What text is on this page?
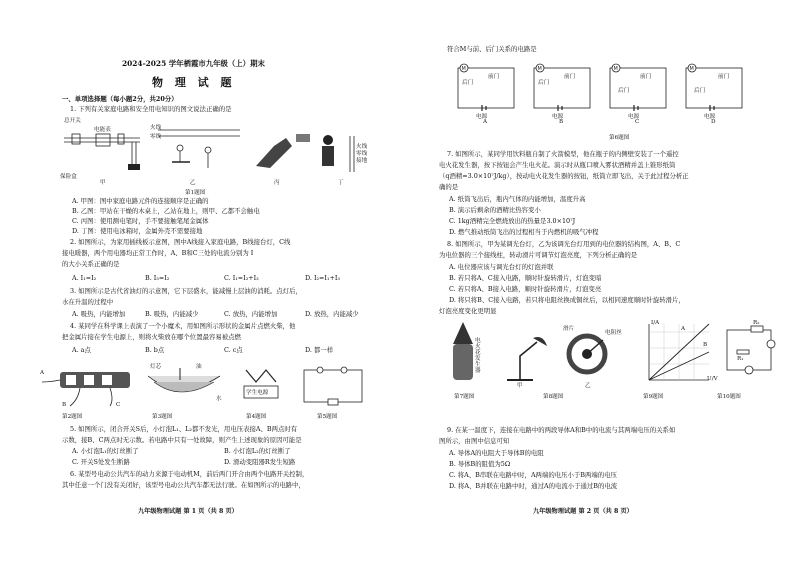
2024-2025 学年栖霞市九年级（上）期末
物 理 试 题
一、单项选择题（每小题2分，共20分）
1. 下列有关家庭电路和安全用电知识的图文说法正确的是
总开关
电能表
保险盒
火线
零线
甲	乙	丙	丁
火线
零线
接地
第1题图
A. 甲图：图中家庭电路元件的连接顺序是正确的
B. 乙图：甲站在干燥的木桌上，乙站在地上，则甲、乙都不会触电
C. 丙图：使用测电笔时，手不要接触笔尾金属体
D. 丁图：使用电冰箱时，金属外壳不需要接地
2. 如图所示，为家用插线板示意图，图中A线接入家庭电路，B线接台灯，C线
接电暖器，两个用电器均正常工作时，A、B和C三处的电流分别为 I
的大小关系正确的是
A. I₁=I₂	B. I₃=I₂	C. I₁=I₂+I₃	D. I₂=I₁+I₃
3. 如图所示是古代省油灯的示意图，它下层盛水，能减慢上层油的消耗。点灯后，
水在升温的过程中
A. 吸热，内能增加	B. 吸热，内能减少	C. 放热，内能增加	D. 放热，内能减少
4. 某同学在科学课上表演了一个小魔术，用如图所示形状的金属片点燃火柴，他
把金属片接在学生电源上，则将火柴放在哪个位置最容易被点燃
A. a点	B. b点	C. c点	D. 都一样
A
B	C
灯芯	油
水
学生电源
第2题图	第3题图	第4题图	第5题图
5. 如图所示，闭合开关S后，小灯泡L₁、L₂都不发光，用电压表接A、B两点时有
示数，接B、C两点时无示数。若电路中只有一处故障，则产生上述现象的原因可能是
A. 小灯泡L₁的灯丝断了	B. 小灯泡L₂的灯丝断了
C. 开关S处发生断路	D. 滑动变阻器R发生短路
6. 某型号电动公共汽车的动力来源于电动机M，前后两门开合由两个电路开关控制，
其中任意一个门没有关闭好，该型号电动公共汽车都无法行驶。在如图所示的电路中，
九年级物理试题 第 1 页（共 8 页）
符合M与前、后门关系的电路是
M	M	M	M
后门
前门
后门
前门
后门
前门
后门
前门
电源	电源	电源	电源
A	B	C	D
第6题图
7. 如图所示，某同学用饮料瓶自制了火箭模型，他在瓶子的内侧壁安装了一个遥控
电火花发生器，按下按钮会产生电火花。演示时从瓶口喷入雾状酒精并盖上锥形纸筒
（q酒精=3.0×10⁷J/kg），按动电火花发生器的按钮，纸筒立即飞出，关于此过程分析正
确的是
A. 纸筒飞出后，瓶内气体的内能增加，温度升高
B. 演示后剩余的酒精比热容变小
C. 1kg酒精完全燃烧放出的热量是3.0×10⁷J
D. 燃气推动纸筒飞出的过程相当于内燃机的吸气冲程
8. 如图所示，甲为某调光台灯，乙为该调光台灯用到的电位器的结构图，A、B、C
为电位器的三个接线柱，转动滑片可调节灯泡亮度，下列分析正确的是
A. 电位器应该与调光台灯的灯泡并联
B. 若只将A、C接入电路，顺时针旋转滑片，灯泡变暗
C. 若只将A、B接入电路，顺时针旋转滑片，灯泡变亮
D. 将只将B、C接入电路，若只将电阻丝换成铜丝后，以相同速度顺时针旋转滑片，
灯泡亮度变化更明显
电火花发生器
甲
滑片
电阻丝
乙
I/A
U/V
A
B
R₂
R₁
第7题图	第8题图	第9题图	第10题图
9. 在某一温度下，连接在电路中的两段导体A和B中的电流与其两端电压的关系如
图所示，由图中信息可知
A. 导体A的电阻大于导体B的电阻
B. 导体B的阻值为5Ω
C. 将A、B串联在电路中时，A两端的电压小于B两端的电压
D. 将A、B并联在电路中时，通过A的电流小于通过B的电流
九年级物理试题 第 2 页（共 8 页）
